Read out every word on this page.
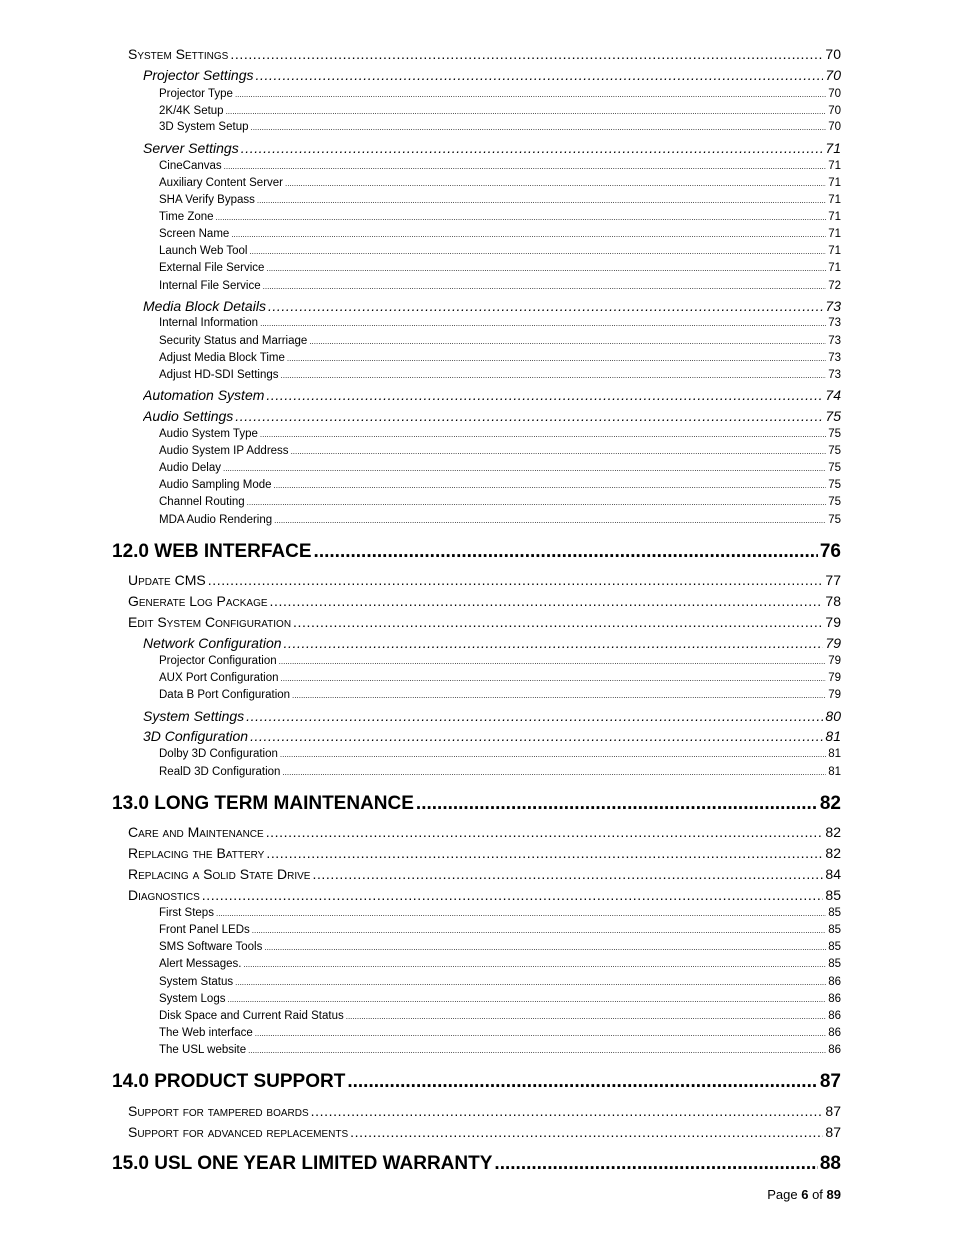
System Settings .....	70
Projector Settings .....	70
Projector Type .....	70
2K/4K Setup .....	70
3D System Setup .....	70
Server Settings .....	71
CineCanvas .....	71
Auxiliary Content Server .....	71
SHA Verify Bypass .....	71
Time Zone .....	71
Screen Name .....	71
Launch Web Tool .....	71
External File Service .....	71
Internal File Service .....	72
Media Block Details .....	73
Internal Information .....	73
Security Status and Marriage .....	73
Adjust Media Block Time .....	73
Adjust HD-SDI Settings .....	73
Automation System .....	74
Audio Settings .....	75
Audio System Type .....	75
Audio System IP Address .....	75
Audio Delay .....	75
Audio Sampling Mode .....	75
Channel Routing .....	75
MDA Audio Rendering .....	75
12.0 WEB INTERFACE .....	76
Update CMS .....	77
Generate Log Package .....	78
Edit System Configuration .....	79
Network Configuration .....	79
Projector Configuration .....	79
AUX Port Configuration .....	79
Data B Port Configuration .....	79
System Settings .....	80
3D Configuration .....	81
Dolby 3D Configuration .....	81
RealD 3D Configuration .....	81
13.0 LONG TERM MAINTENANCE .....	82
Care and Maintenance .....	82
Replacing the Battery .....	82
Replacing a Solid State Drive .....	84
Diagnostics .....	85
First Steps .....	85
Front Panel LEDs .....	85
SMS Software Tools .....	85
Alert Messages. .....	85
System Status .....	86
System Logs .....	86
Disk Space and Current Raid Status .....	86
The Web interface .....	86
The USL website .....	86
14.0 PRODUCT SUPPORT .....	87
Support for tampered boards .....	87
Support for advanced replacements .....	87
15.0 USL ONE YEAR LIMITED WARRANTY .....	88
Page 6 of 89
